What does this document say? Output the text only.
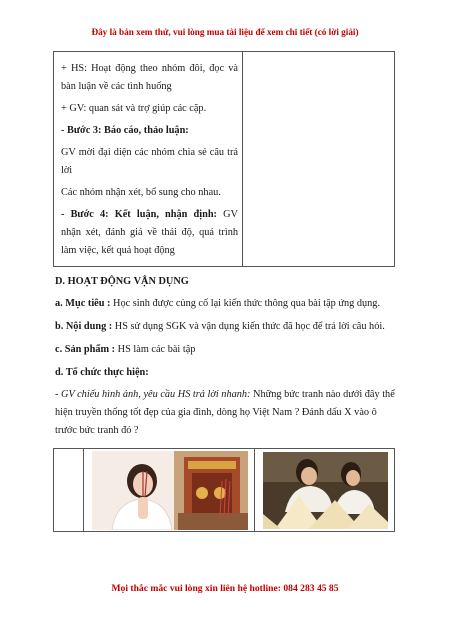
Đây là bản xem thử, vui lòng mua tài liệu để xem chi tiết (có lời giải)
+ HS: Hoạt động theo nhóm đôi, đọc và
bàn luận về các tình huống
+ GV: quan sát và trợ giúp các cặp.
- Bước 3: Báo cáo, thảo luận:
GV mời đại diện các nhóm chia sẻ câu trả
lời
Các nhóm nhận xét, bổ sung cho nhau.
- Bước 4: Kết luận, nhận định: GV
nhận xét, đánh giá về thái độ, quá trình
làm việc, kết quả hoạt động
D. HOẠT ĐỘNG VẬN DỤNG
a. Mục tiêu : Học sinh được củng cố lại kiến thức thông qua bài tập ứng dụng.
b. Nội dung : HS sử dụng SGK và vận dụng kiến thức đã học để trả lời câu hỏi.
c. Sản phẩm : HS làm các bài tập
d. Tổ chức thực hiện:
- GV chiếu hình ảnh, yêu cầu HS trả lời nhanh: Những bức tranh nào dưới đây thể hiện truyền thống tốt đẹp của gia đình, dòng họ Việt Nam ? Đánh dấu X vào ô trước bức tranh đó ?
Mọi thắc mắc vui lòng xin liên hệ hotline: 084 283 45 85
